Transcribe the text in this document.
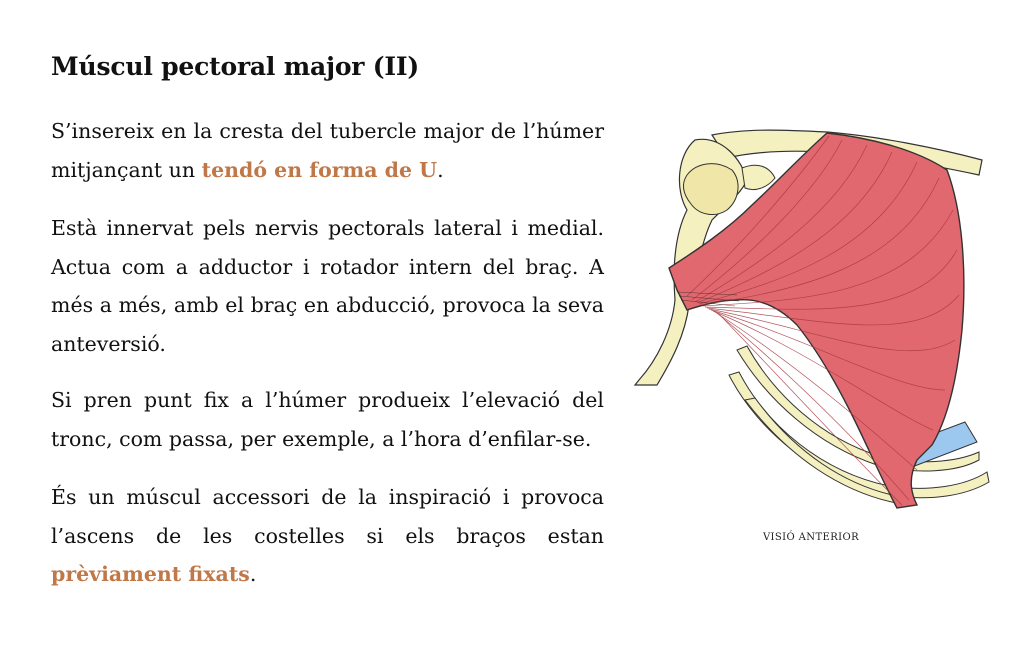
Múscul pectoral major (II)

S’insereix en la cresta del tubercle major de l’húmer mitjançant un tendó en forma de U.

Està innervat pels nervis pectorals lateral i medial. Actua com a adductor i rotador intern del braç. A més a més, amb el braç en abducció, provoca la seva anteversió.

Si pren punt fix a l’húmer produeix l’elevació del tronc, com passa, per exemple, a l’hora d’enfilar-se.

És un múscul accessori de la inspiració i provoca l’ascens de les costelles si els braços estan prèviament fixats.

VISIÓ ANTERIOR
